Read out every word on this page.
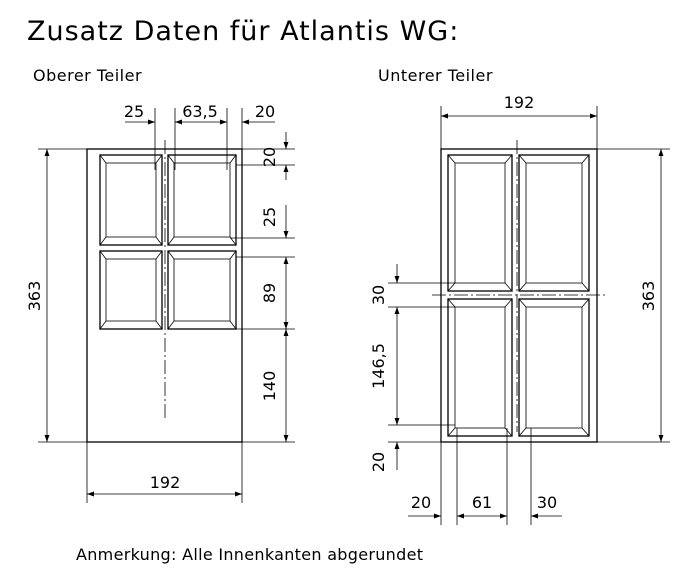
Zusatz Daten für Atlantis WG:
Oberer Teiler
25 63,5 20
20
25
89
140
363
192
Unterer Teiler
192
363
30
146,5
20
20	61	30
Anmerkung: Alle Innenkanten abgerundet
